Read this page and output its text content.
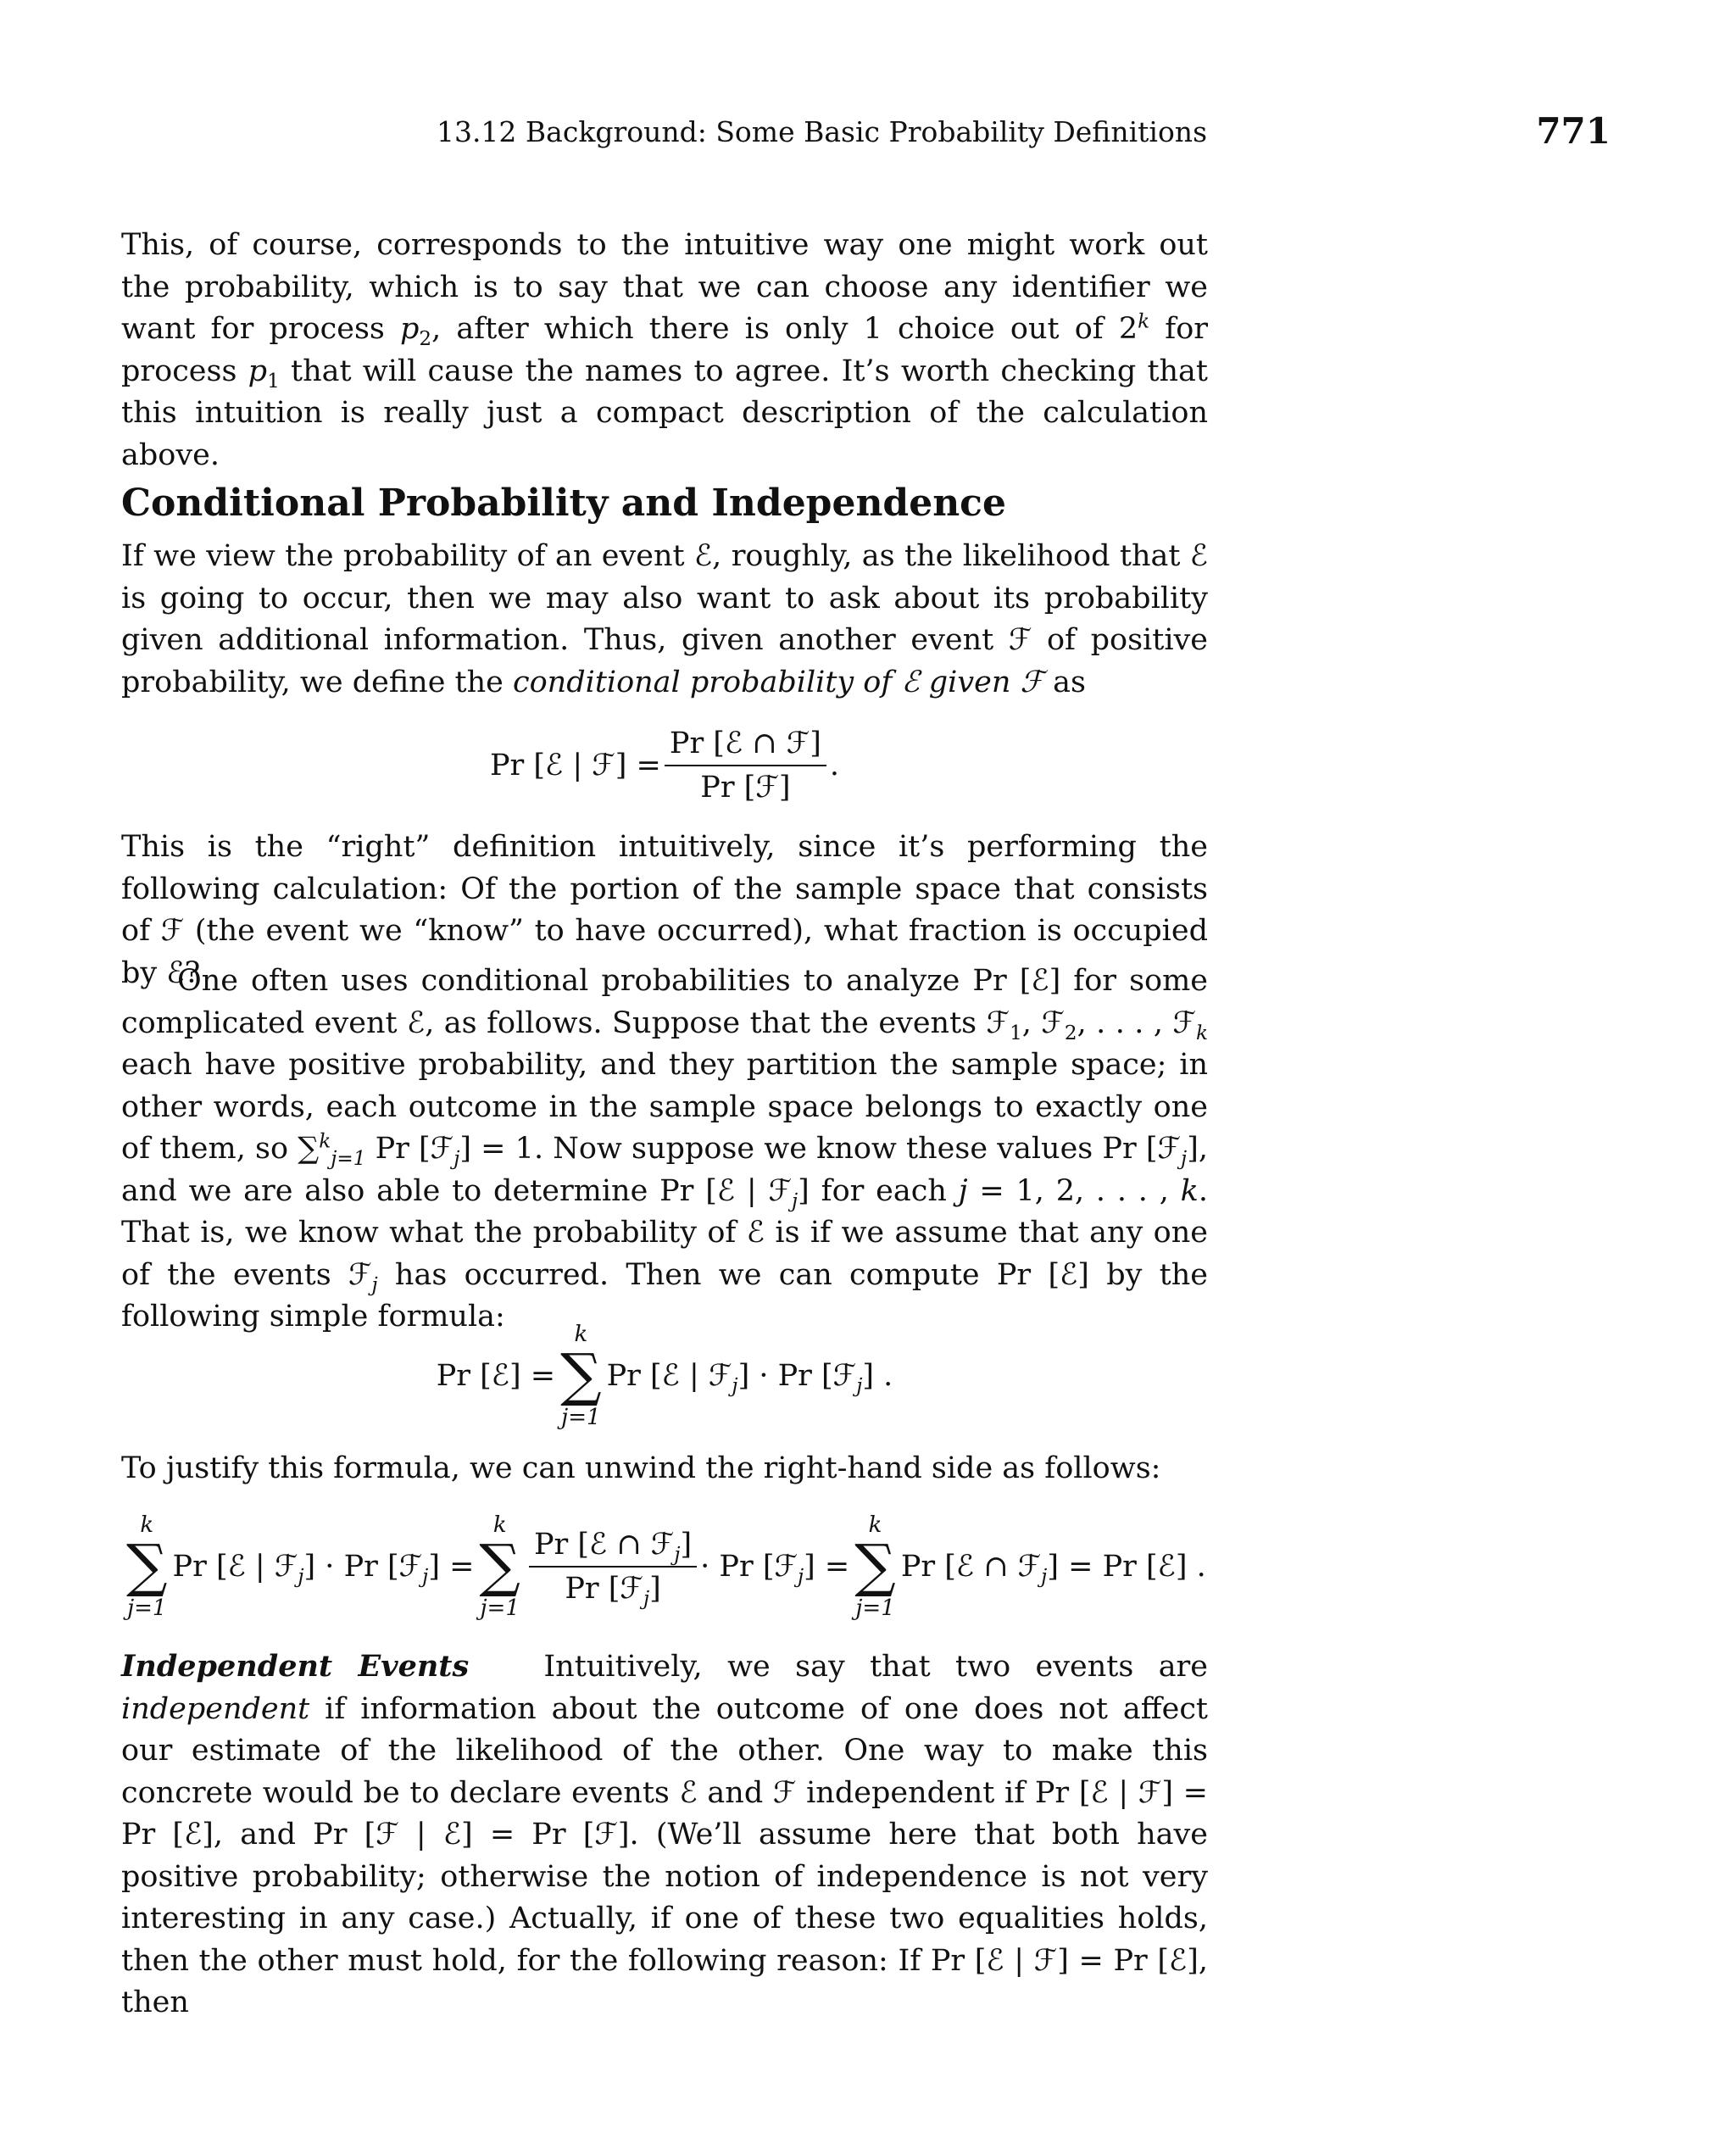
13.12 Background: Some Basic Probability Definitions	771

This, of course, corresponds to the intuitive way one might work out the probability, which is to say that we can choose any identifier we want for process $p_2$, after which there is only 1 choice out of 2$^k$ for process $p_1$ that will cause the names to agree. It’s worth checking that this intuition is really just a compact description of the calculation above.

Conditional Probability and Independence

If we view the probability of an event ℰ, roughly, as the likelihood that ℰ is going to occur, then we may also want to ask about its probability given additional information. Thus, given another event ℱ of positive probability, we define the conditional probability of ℰ given ℱ as

Pr [ℰ | ℱ] = $\frac{\text{Pr [ℰ ∩ ℱ]}}{\text{Pr [ℱ]}}$ .

This is the “right” definition intuitively, since it’s performing the following calculation: Of the portion of the sample space that consists of ℱ (the event we “know” to have occurred), what fraction is occupied by ℰ?

One often uses conditional probabilities to analyze Pr [ℰ] for some complicated event ℰ, as follows. Suppose that the events ℱ$_1$, ℱ$_2$, . . . , ℱ$_k$ each have positive probability, and they partition the sample space; in other words, each outcome in the sample space belongs to exactly one of them, so ∑$^k_{j=1}$ Pr [ℱ$_j$] = 1. Now suppose we know these values Pr [ℱ$_j$], and we are also able to determine Pr [ℰ | ℱ$_j$] for each j = 1, 2, . . . , k. That is, we know what the probability of ℰ is if we assume that any one of the events ℱ$_j$ has occurred. Then we can compute Pr [ℰ] by the following simple formula:

Pr [ℰ] =
k
∑
j=1
Pr [ℰ | ℱ$_j$] · Pr [ℱ$_j$] .

To justify this formula, we can unwind the right-hand side as follows:

k
∑
j=1
Pr [ℰ | ℱ$_j$] · Pr [ℱ$_j$] =
k
∑
j=1
$\frac{Pr [ℰ \cap ℱ_j]}{Pr [ℱ_j]} \cdot Pr$ [ℱ$_j$] =
k
∑
j=1
Pr [ℰ ∩ ℱ$_j$] = Pr [ℰ] .

Independent Events   Intuitively, we say that two events are independent if information about the outcome of one does not affect our estimate of the likelihood of the other. One way to make this concrete would be to declare events ℰ and ℱ independent if Pr [ℰ | ℱ] = Pr [ℰ], and Pr [ℱ | ℰ] = Pr [ℱ]. (We’ll assume here that both have positive probability; otherwise the notion of independence is not very interesting in any case.) Actually, if one of these two equalities holds, then the other must hold, for the following reason: If Pr [ℰ | ℱ] = Pr [ℰ], then
